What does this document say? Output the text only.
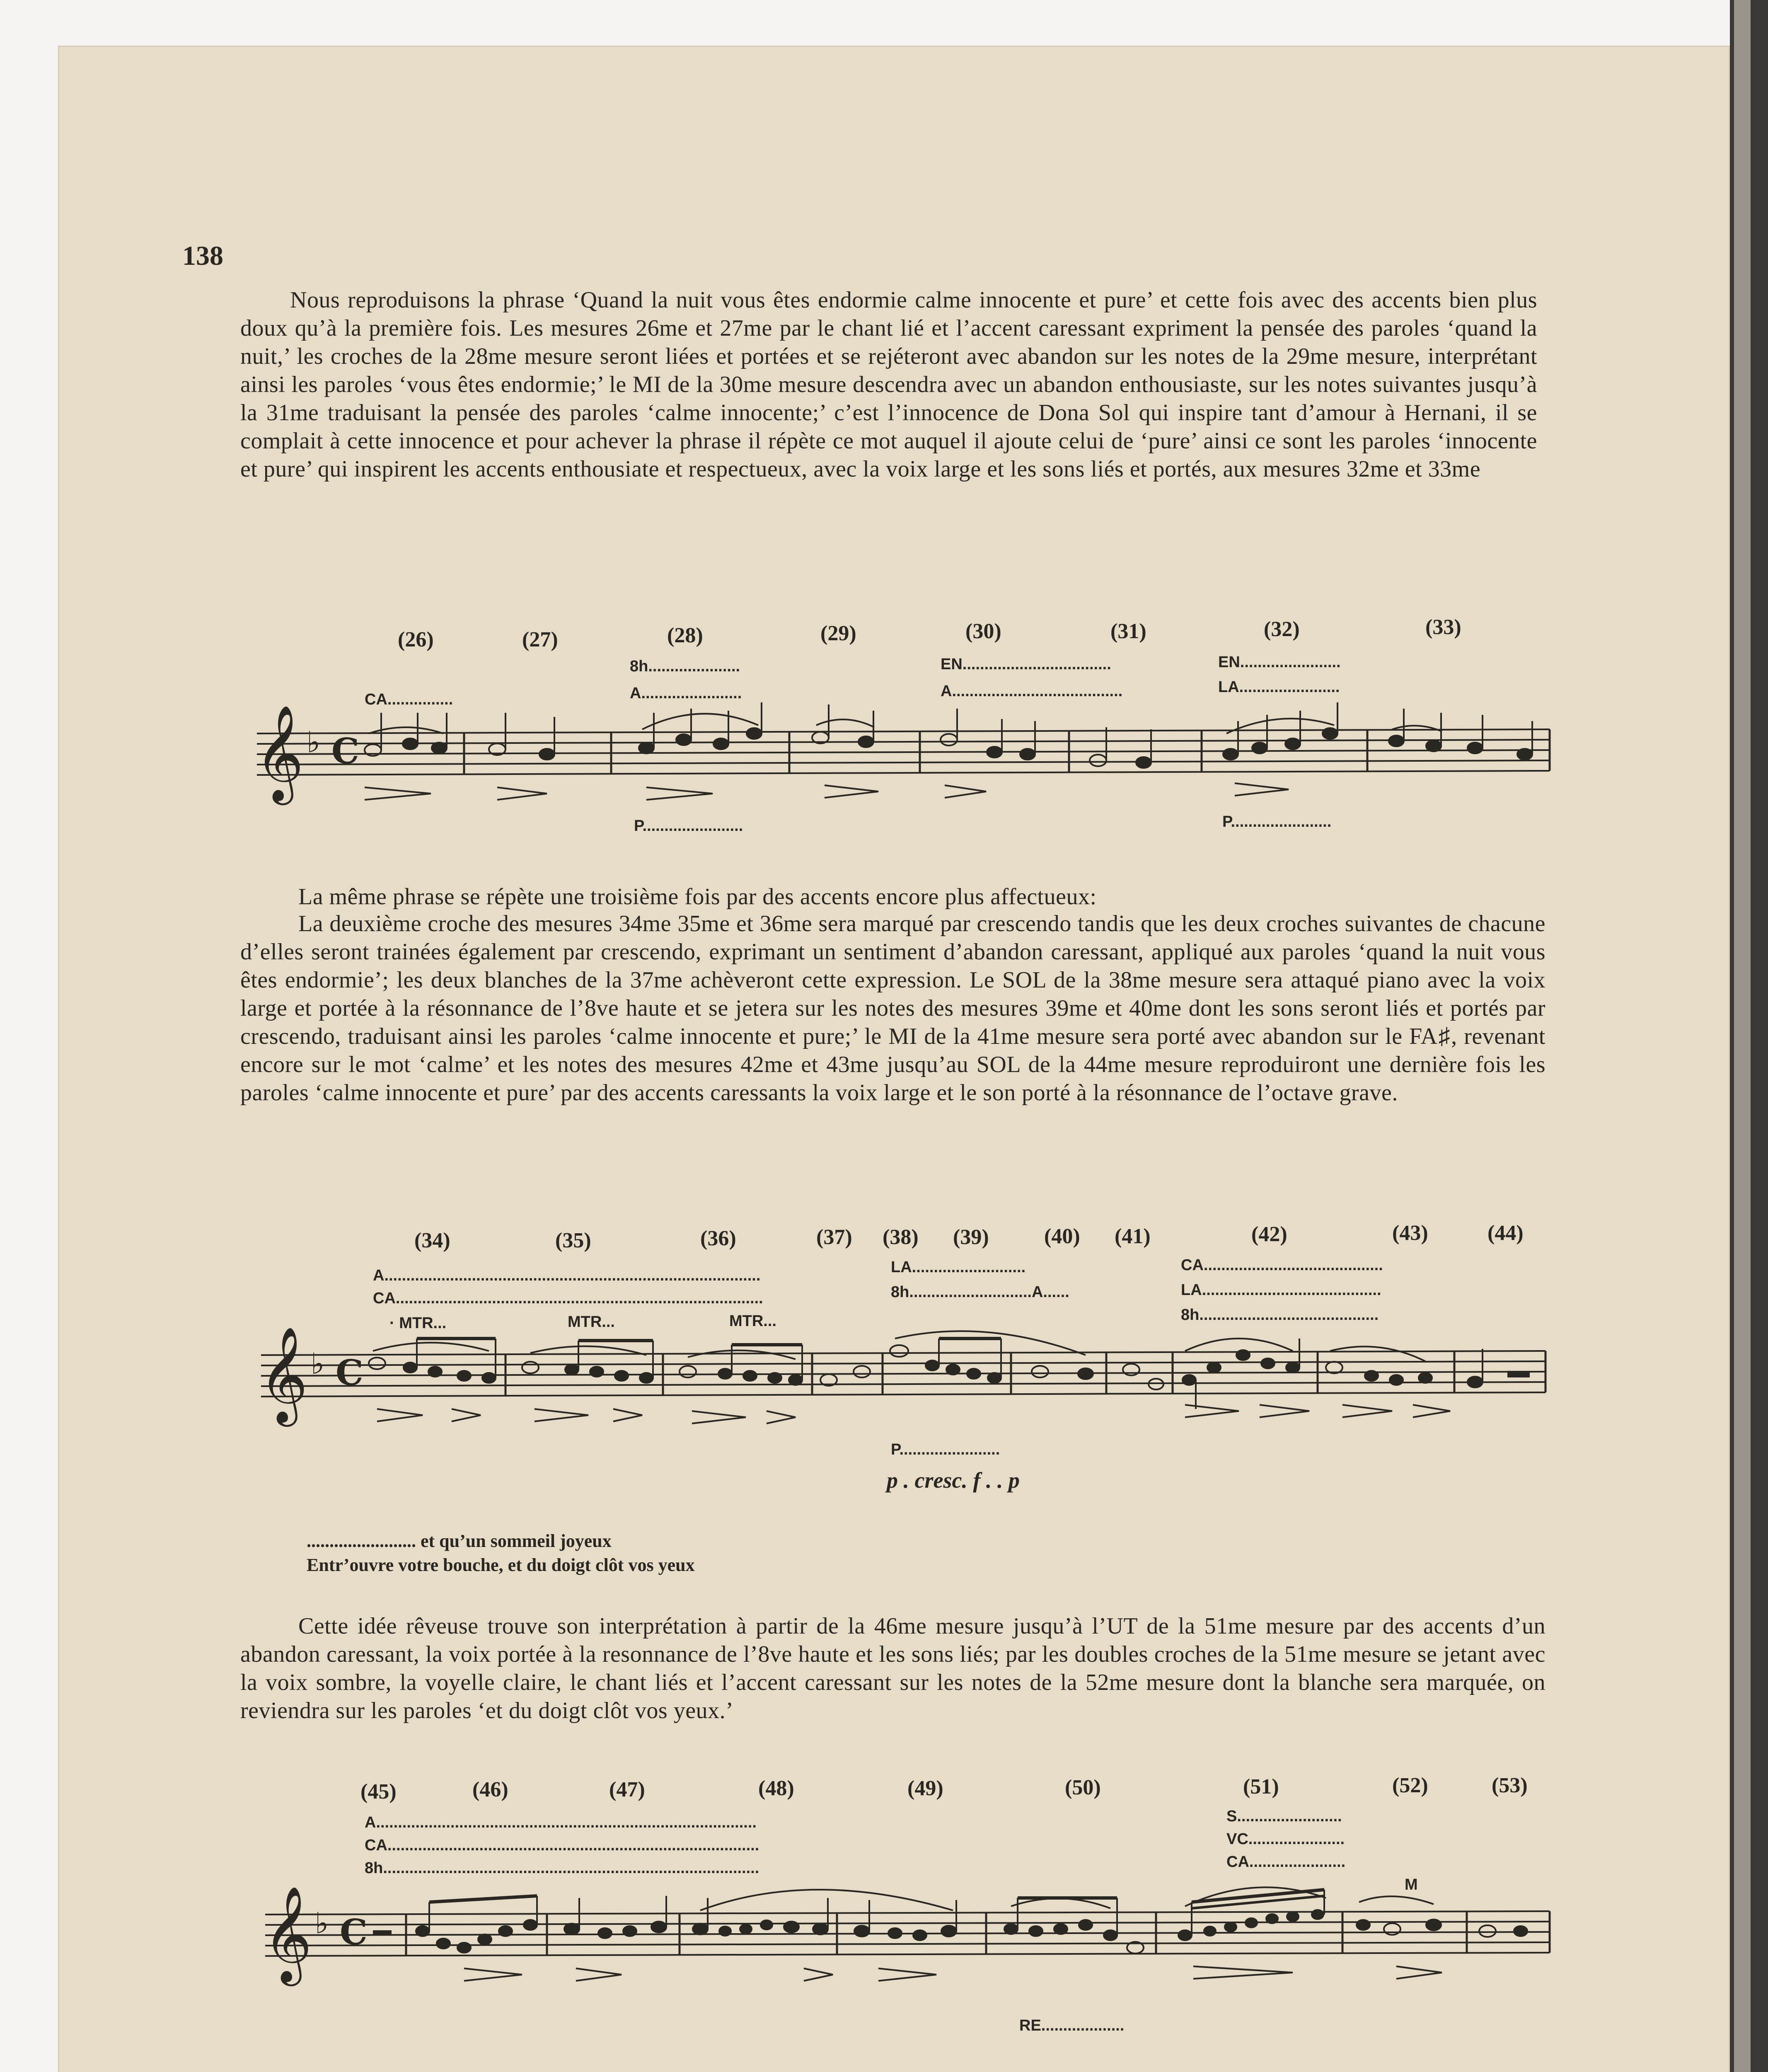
138
Nous reproduisons la phrase ‘Quand la nuit vous êtes endormie calme innocente et pure’ et cette fois avec des accents bien plus doux qu’à la première fois. Les mesures 26me et 27me par le chant lié et l’accent caressant expriment la pensée des paroles ‘quand la nuit,’ les croches de la 28me mesure seront liées et portées et se rejéteront avec abandon sur les notes de la 29me mesure, interprétant ainsi les paroles ‘vous êtes endormie;’ le MI de la 30me mesure descendra avec un abandon enthousiaste, sur les notes suivantes jusqu’à la 31me traduisant la pensée des paroles ‘calme innocente;’ c’est l’innocence de Dona Sol qui inspire tant d’amour à Hernani, il se complait à cette innocence et pour achever la phrase il répète ce mot auquel il ajoute celui de ‘pure’ ainsi ce sont les paroles ‘innocente et pure’ qui inspirent les accents enthousiate et respectueux, avec la voix large et les sons liés et portés, aux mesures 32me et 33me
(26)	(27)	(28)	(29)	(30)	(31)	(32)	(33)
CA...............
8h.....................
A.......................
EN..................................
A.......................................
EN.......................
LA.......................
𝄞 ♭ C
P.......................	P.......................
La même phrase se répète une troisième fois par des accents encore plus affectueux:
La deuxième croche des mesures 34me 35me et 36me sera marqué par crescendo tandis que les deux croches suivantes de chacune d’elles seront trainées également par crescendo, exprimant un sentiment d’abandon caressant, appliqué aux paroles ‘quand la nuit vous êtes endormie’; les deux blanches de la 37me achèveront cette expression. Le SOL de la 38me mesure sera attaqué piano avec la voix large et portée à la résonnance de l’8ve haute et se jetera sur les notes des mesures 39me et 40me dont les sons seront liés et portés par crescendo, traduisant ainsi les paroles ‘calme innocente et pure;’ le MI de la 41me mesure sera porté avec abandon sur le FA♯, revenant encore sur le mot ‘calme’ et les notes des mesures 42me et 43me jusqu’au SOL de la 44me mesure reproduiront une dernière fois les paroles ‘calme innocente et pure’ par des accents caressants la voix large et le son porté à la résonnance de l’octave grave.
(34)	(35)	(36)	(37) (38) (39)	(40) (41)	(42)	(43)	(44)
A......................................................................................
CA....................................................................................
· MTR...	MTR...	MTR...
LA..........................
8h............................A......
CA.........................................
LA.........................................
8h.........................................
𝄞 ♭ C
P.......................
p . cresc. f . . p
........................ et qu’un sommeil joyeux
Entr’ouvre votre bouche, et du doigt clôt vos yeux
Cette idée rêveuse trouve son interprétation à partir de la 46me mesure jusqu’à l’UT de la 51me mesure par des accents d’un abandon caressant, la voix portée à la resonnance de l’8ve haute et les sons liés; par les doubles croches de la 51me mesure se jetant avec la voix sombre, la voyelle claire, le chant liés et l’accent caressant sur les notes de la 52me mesure dont la blanche sera marquée, on reviendra sur les paroles ‘et du doigt clôt vos yeux.’
(45)	(46)	(47)	(48)	(49)	(50)	(51)	(52)	(53)
A.......................................................................................
CA.....................................................................................
8h......................................................................................
S........................
VC......................
CA......................
M
𝄞 ♭ C
RE...................
